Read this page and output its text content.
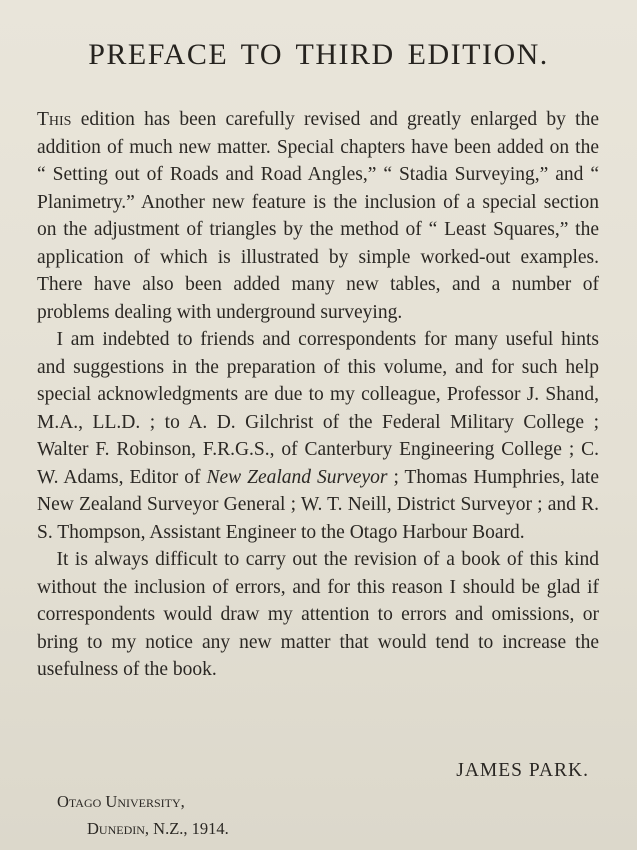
PREFACE TO THIRD EDITION.

This edition has been carefully revised and greatly enlarged by the addition of much new matter. Special chapters have been added on the “ Setting out of Roads and Road Angles,” “ Stadia Surveying,” and “ Planimetry.” Another new feature is the inclusion of a special section on the adjustment of triangles by the method of “ Least Squares,” the application of which is illustrated by simple worked-out examples. There have also been added many new tables, and a number of problems dealing with underground surveying.

 I am indebted to friends and correspondents for many useful hints and suggestions in the preparation of this volume, and for such help special acknowledgments are due to my colleague, Professor J. Shand, M.A., LL.D. ; to A. D. Gilchrist of the Federal Military College ; Walter F. Robinson, F.R.G.S., of Canterbury Engineering College ; C. W. Adams, Editor of New Zealand Surveyor ; Thomas Humphries, late New Zealand Surveyor General ; W. T. Neill, District Surveyor ; and R. S. Thompson, Assistant Engineer to the Otago Harbour Board.

 It is always difficult to carry out the revision of a book of this kind without the inclusion of errors, and for this reason I should be glad if correspondents would draw my attention to errors and omissions, or bring to my notice any new matter that would tend to increase the usefulness of the book.

JAMES PARK.
Otago University,
Dunedin, N.Z., 1914.
